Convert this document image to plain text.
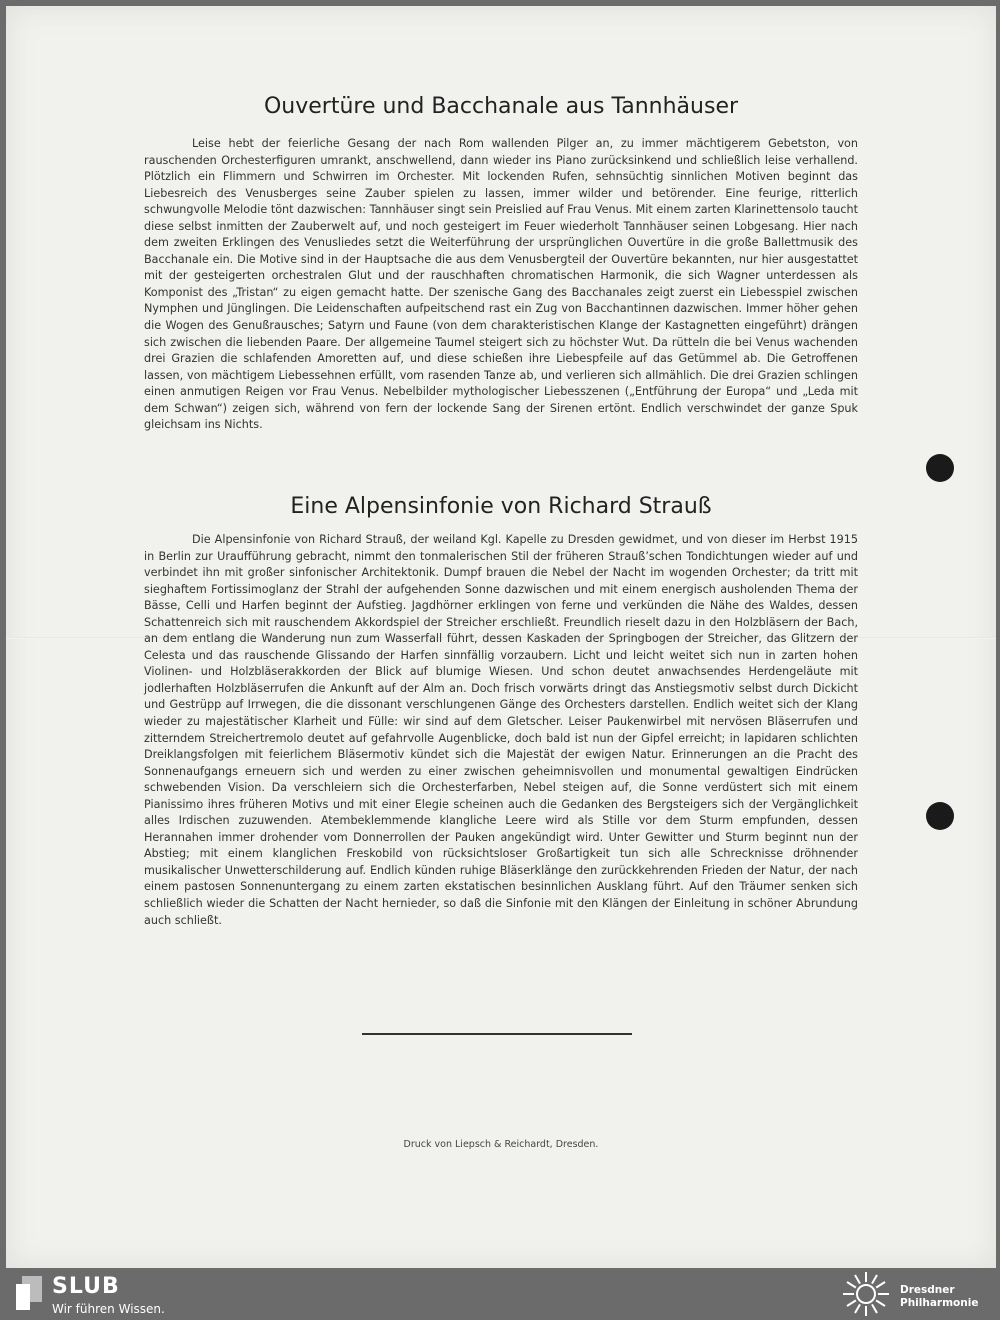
Ouvertüre und Bacchanale aus Tannhäuser

Leise hebt der feierliche Gesang der nach Rom wallenden Pilger an, zu immer mächtigerem Gebetston, von rauschenden Orchesterfiguren umrankt, anschwellend, dann wieder ins Piano zurücksinkend und schließlich leise verhallend. Plötzlich ein Flimmern und Schwirren im Orchester. Mit lockenden Rufen, sehnsüchtig sinnlichen Motiven beginnt das Liebesreich des Venusberges seine Zauber spielen zu lassen, immer wilder und betörender. Eine feurige, ritterlich schwungvolle Melodie tönt dazwischen: Tannhäuser singt sein Preislied auf Frau Venus. Mit einem zarten Klarinettensolo taucht diese selbst inmitten der Zauberwelt auf, und noch gesteigert im Feuer wiederholt Tannhäuser seinen Lobgesang. Hier nach dem zweiten Erklingen des Venusliedes setzt die Weiterführung der ursprünglichen Ouvertüre in die große Ballettmusik des Bacchanale ein. Die Motive sind in der Hauptsache die aus dem Venusbergteil der Ouvertüre bekannten, nur hier ausgestattet mit der gesteigerten orchestralen Glut und der rauschhaften chromatischen Harmonik, die sich Wagner unterdessen als Komponist des „Tristan“ zu eigen gemacht hatte. Der szenische Gang des Bacchanales zeigt zuerst ein Liebesspiel zwischen Nymphen und Jünglingen. Die Leidenschaften aufpeitschend rast ein Zug von Bacchantinnen dazwischen. Immer höher gehen die Wogen des Genußrausches; Satyrn und Faune (von dem charakteristischen Klange der Kastagnetten eingeführt) drängen sich zwischen die liebenden Paare. Der allgemeine Taumel steigert sich zu höchster Wut. Da rütteln die bei Venus wachenden drei Grazien die schlafenden Amoretten auf, und diese schießen ihre Liebespfeile auf das Getümmel ab. Die Getroffenen lassen, von mächtigem Liebessehnen erfüllt, vom rasenden Tanze ab, und verlieren sich allmählich. Die drei Grazien schlingen einen anmutigen Reigen vor Frau Venus. Nebelbilder mythologischer Liebesszenen („Entführung der Europa“ und „Leda mit dem Schwan“) zeigen sich, während von fern der lockende Sang der Sirenen ertönt. Endlich verschwindet der ganze Spuk gleichsam ins Nichts.

Eine Alpensinfonie von Richard Strauß

Die Alpensinfonie von Richard Strauß, der weiland Kgl. Kapelle zu Dresden gewidmet, und von dieser im Herbst 1915 in Berlin zur Uraufführung gebracht, nimmt den tonmalerischen Stil der früheren Strauß’schen Tondichtungen wieder auf und verbindet ihn mit großer sinfonischer Architektonik. Dumpf brauen die Nebel der Nacht im wogenden Orchester; da tritt mit sieghaftem Fortissimoglanz der Strahl der aufgehenden Sonne dazwischen und mit einem energisch ausholenden Thema der Bässe, Celli und Harfen beginnt der Aufstieg. Jagdhörner erklingen von ferne und verkünden die Nähe des Waldes, dessen Schattenreich sich mit rauschendem Akkordspiel der Streicher erschließt. Freundlich rieselt dazu in den Holzbläsern der Bach, an dem entlang die Wanderung nun zum Wasserfall führt, dessen Kaskaden der Springbogen der Streicher, das Glitzern der Celesta und das rauschende Glissando der Harfen sinnfällig vorzaubern. Licht und leicht weitet sich nun in zarten hohen Violinen- und Holzbläserakkorden der Blick auf blumige Wiesen. Und schon deutet anwachsendes Herdengeläute mit jodlerhaften Holzbläserrufen die Ankunft auf der Alm an. Doch frisch vorwärts dringt das Anstiegsmotiv selbst durch Dickicht und Gestrüpp auf Irrwegen, die die dissonant verschlungenen Gänge des Orchesters darstellen. Endlich weitet sich der Klang wieder zu majestätischer Klarheit und Fülle: wir sind auf dem Gletscher. Leiser Paukenwirbel mit nervösen Bläserrufen und zitterndem Streichertremolo deutet auf gefahrvolle Augenblicke, doch bald ist nun der Gipfel erreicht; in lapidaren schlichten Dreiklangsfolgen mit feierlichem Bläsermotiv kündet sich die Majestät der ewigen Natur. Erinnerungen an die Pracht des Sonnenaufgangs erneuern sich und werden zu einer zwischen geheimnisvollen und monumental gewaltigen Eindrücken schwebenden Vision. Da verschleiern sich die Orchesterfarben, Nebel steigen auf, die Sonne verdüstert sich mit einem Pianissimo ihres früheren Motivs und mit einer Elegie scheinen auch die Gedanken des Bergsteigers sich der Vergänglichkeit alles Irdischen zuzuwenden. Atembeklemmende klangliche Leere wird als Stille vor dem Sturm empfunden, dessen Herannahen immer drohender vom Donnerrollen der Pauken angekündigt wird. Unter Gewitter und Sturm beginnt nun der Abstieg; mit einem klanglichen Freskobild von rücksichtsloser Großartigkeit tun sich alle Schrecknisse dröhnender musikalischer Unwetterschilderung auf. Endlich künden ruhige Bläserklänge den zurückkehrenden Frieden der Natur, der nach einem pastosen Sonnenuntergang zu einem zarten ekstatischen besinnlichen Ausklang führt. Auf den Träumer senken sich schließlich wieder die Schatten der Nacht hernieder, so daß die Sinfonie mit den Klängen der Einleitung in schöner Abrundung auch schließt.

Druck von Liepsch & Reichardt, Dresden.
SLUB
Wir führen Wissen.
Dresdner
Philharmonie
